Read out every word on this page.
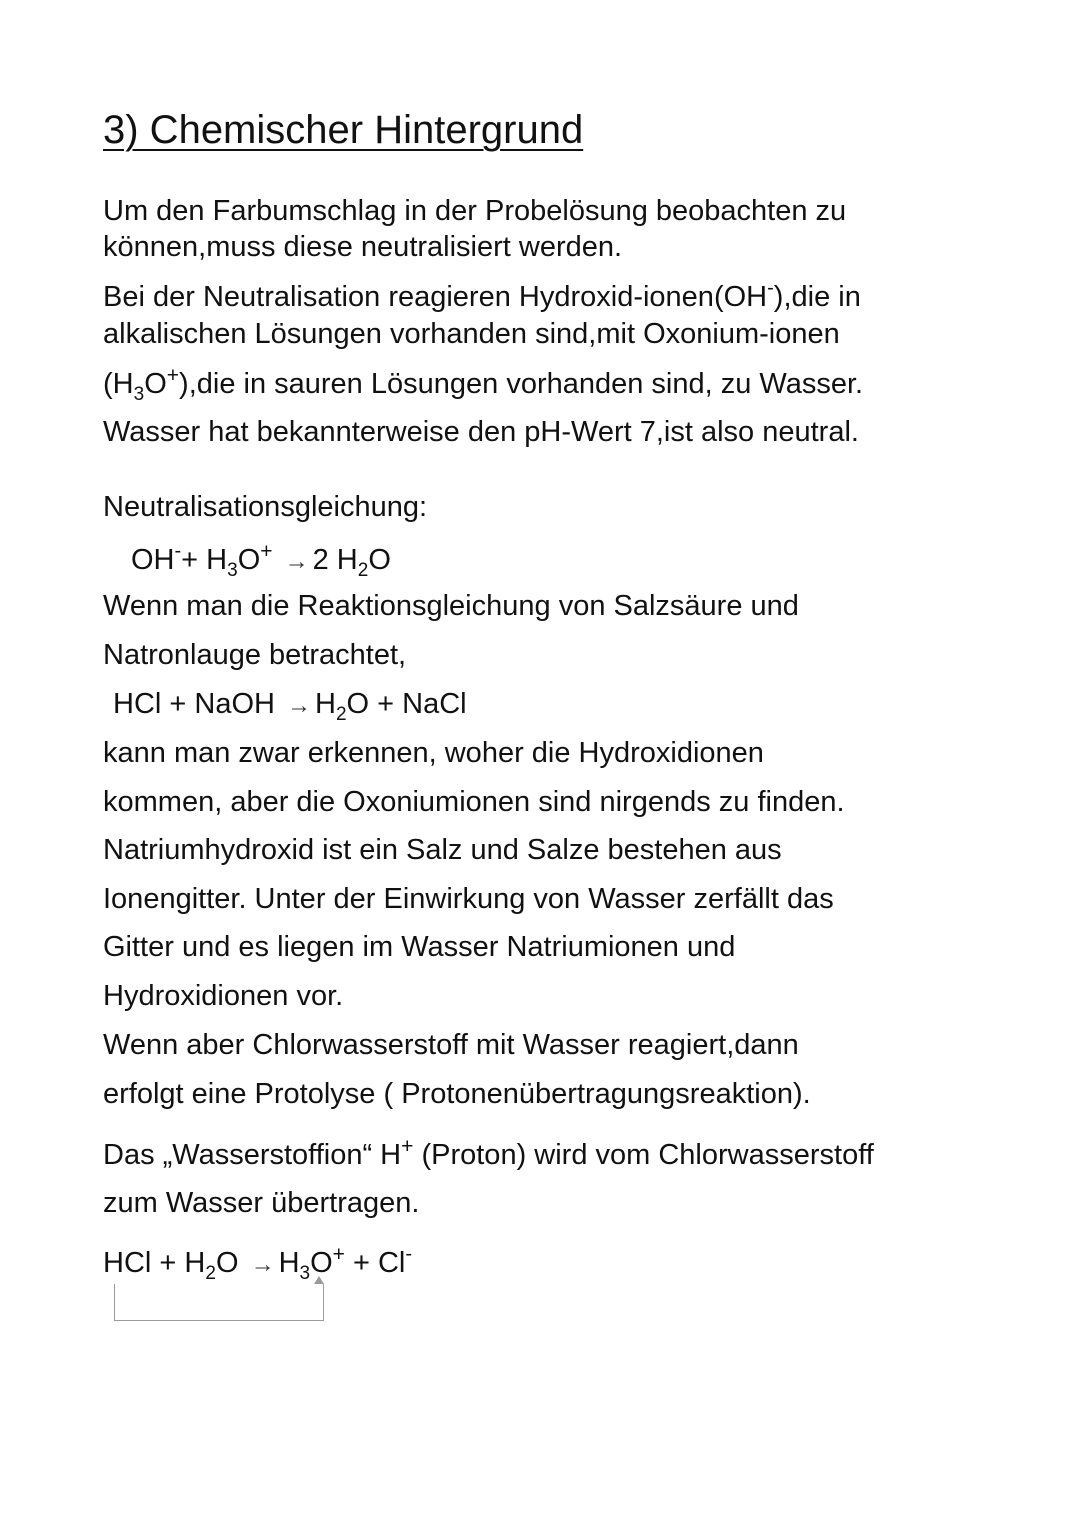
3) Chemischer Hintergrund

Um den Farbumschlag in der Probelösung beobachten zu

können,muss diese neutralisiert werden.

Bei der Neutralisation reagieren Hydroxid-ionen(OH-),die in

alkalischen Lösungen vorhanden sind,mit Oxonium-ionen

$(H_3O^+),die$ in sauren Lösungen vorhanden sind, zu Wasser.

Wasser hat bekannterweise den pH-Wert 7,ist also neutral.

Neutralisationsgleichung:

$OH^-+ H_3O^+ \to 2$ $H_2O$

Wenn man die Reaktionsgleichung von Salzsäure und

Natronlauge betrachtet,

HCl + NaOH → $H_2O$ + NaCl

kann man zwar erkennen, woher die Hydroxidionen

kommen, aber die Oxoniumionen sind nirgends zu finden.

Natriumhydroxid ist ein Salz und Salze bestehen aus

Ionengitter. Unter der Einwirkung von Wasser zerfällt das

Gitter und es liegen im Wasser Natriumionen und

Hydroxidionen vor.

Wenn aber Chlorwasserstoff mit Wasser reagiert,dann

erfolgt eine Protolyse ( Protonenübertragungsreaktion).

Das „Wasserstoffion“ H+ (Proton) wird vom Chlorwasserstoff

zum Wasser übertragen.

HCl + $H_2O \to H_3O^+ + Cl^-$
